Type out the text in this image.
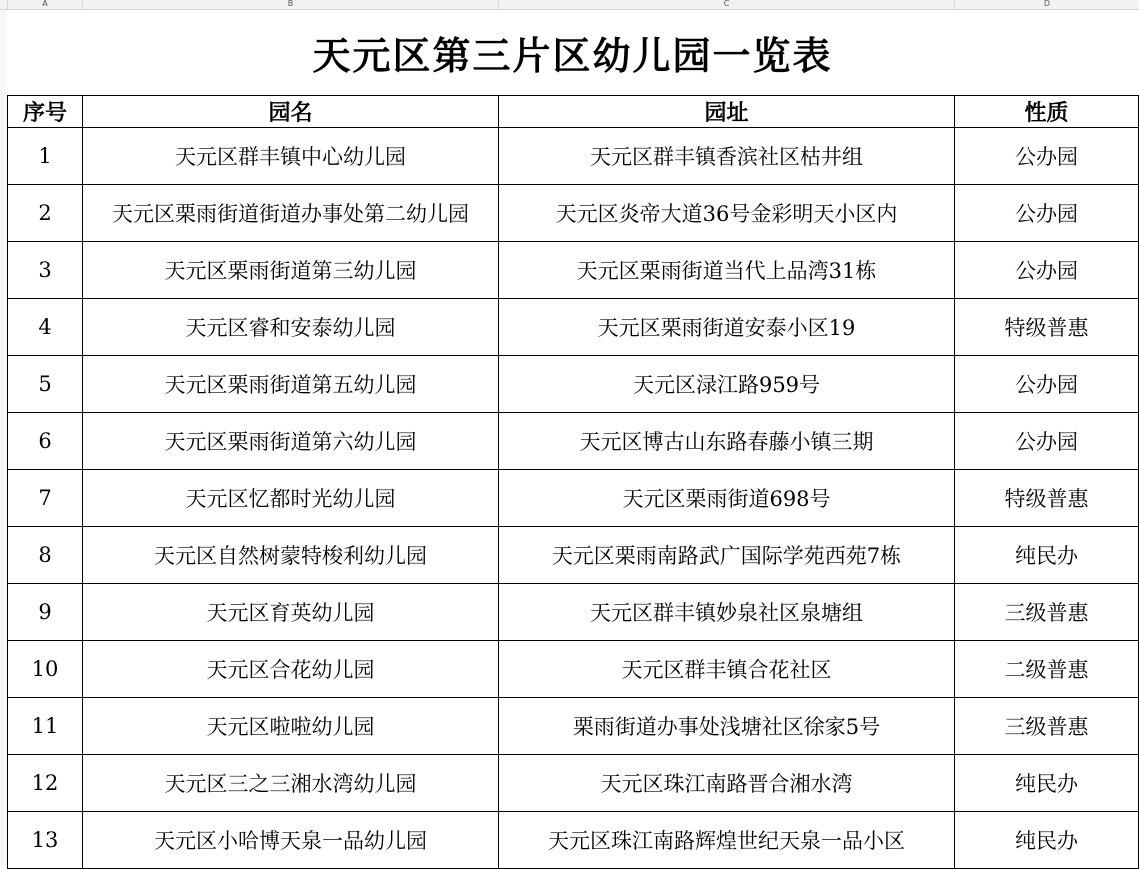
A	B	C	D
天元区第三片区幼儿园一览表
序号	园名	园址	性质
1	天元区群丰镇中心幼儿园	天元区群丰镇香滨社区枯井组	公办园
2	天元区栗雨街道街道办事处第二幼儿园	天元区炎帝大道36号金彩明天小区内	公办园
3	天元区栗雨街道第三幼儿园	天元区栗雨街道当代上品湾31栋	公办园
4	天元区睿和安泰幼儿园	天元区栗雨街道安泰小区19	特级普惠
5	天元区栗雨街道第五幼儿园	天元区渌江路959号	公办园
6	天元区栗雨街道第六幼儿园	天元区博古山东路春藤小镇三期	公办园
7	天元区忆都时光幼儿园	天元区栗雨街道698号	特级普惠
8	天元区自然树蒙特梭利幼儿园	天元区栗雨南路武广国际学苑西苑7栋	纯民办
9	天元区育英幼儿园	天元区群丰镇妙泉社区泉塘组	三级普惠
10	天元区合花幼儿园	天元区群丰镇合花社区	二级普惠
11	天元区啦啦幼儿园	栗雨街道办事处浅塘社区徐家5号	三级普惠
12	天元区三之三湘水湾幼儿园	天元区珠江南路晋合湘水湾	纯民办
13	天元区小哈博天泉一品幼儿园	天元区珠江南路辉煌世纪天泉一品小区	纯民办
